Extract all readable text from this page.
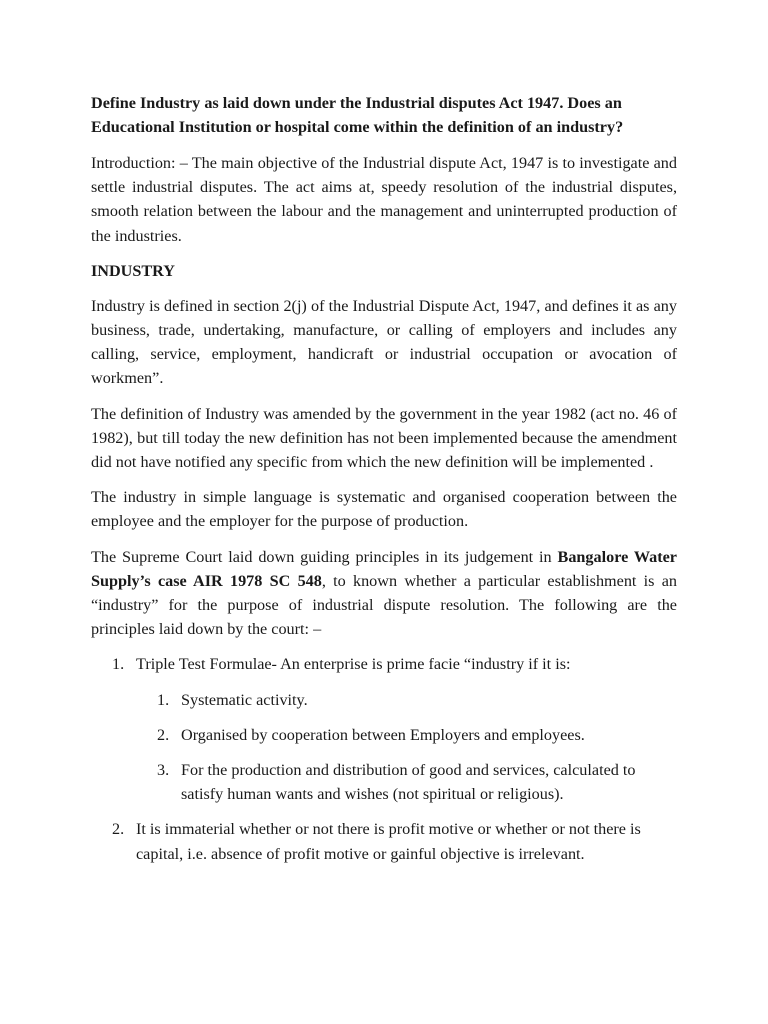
Define Industry as laid down under the Industrial disputes Act 1947. Does an Educational Institution or hospital come within the definition of an industry?

Introduction: – The main objective of the Industrial dispute Act, 1947 is to investigate and settle industrial disputes. The act aims at, speedy resolution of the industrial disputes, smooth relation between the labour and the management and uninterrupted production of the industries.

INDUSTRY

Industry is defined in section 2(j) of the Industrial Dispute Act, 1947, and defines it as any business, trade, undertaking, manufacture, or calling of employers and includes any calling, service, employment, handicraft or industrial occupation or avocation of workmen”.

The definition of Industry was amended by the government in the year 1982 (act no. 46 of 1982), but till today the new definition has not been implemented because the amendment did not have notified any specific from which the new definition will be implemented .

The industry in simple language is systematic and organised cooperation between the employee and the employer for the purpose of production.

The Supreme Court laid down guiding principles in its judgement in Bangalore Water Supply’s case AIR 1978 SC 548, to known whether a particular establishment is an “industry” for the purpose of industrial dispute resolution. The following are the principles laid down by the court: –

1. Triple Test Formulae- An enterprise is prime facie “industry if it is:
1. Systematic activity.
2. Organised by cooperation between Employers and employees.
3. For the production and distribution of good and services, calculated to satisfy human wants and wishes (not spiritual or religious).
2. It is immaterial whether or not there is profit motive or whether or not there is capital, i.e. absence of profit motive or gainful objective is irrelevant.
